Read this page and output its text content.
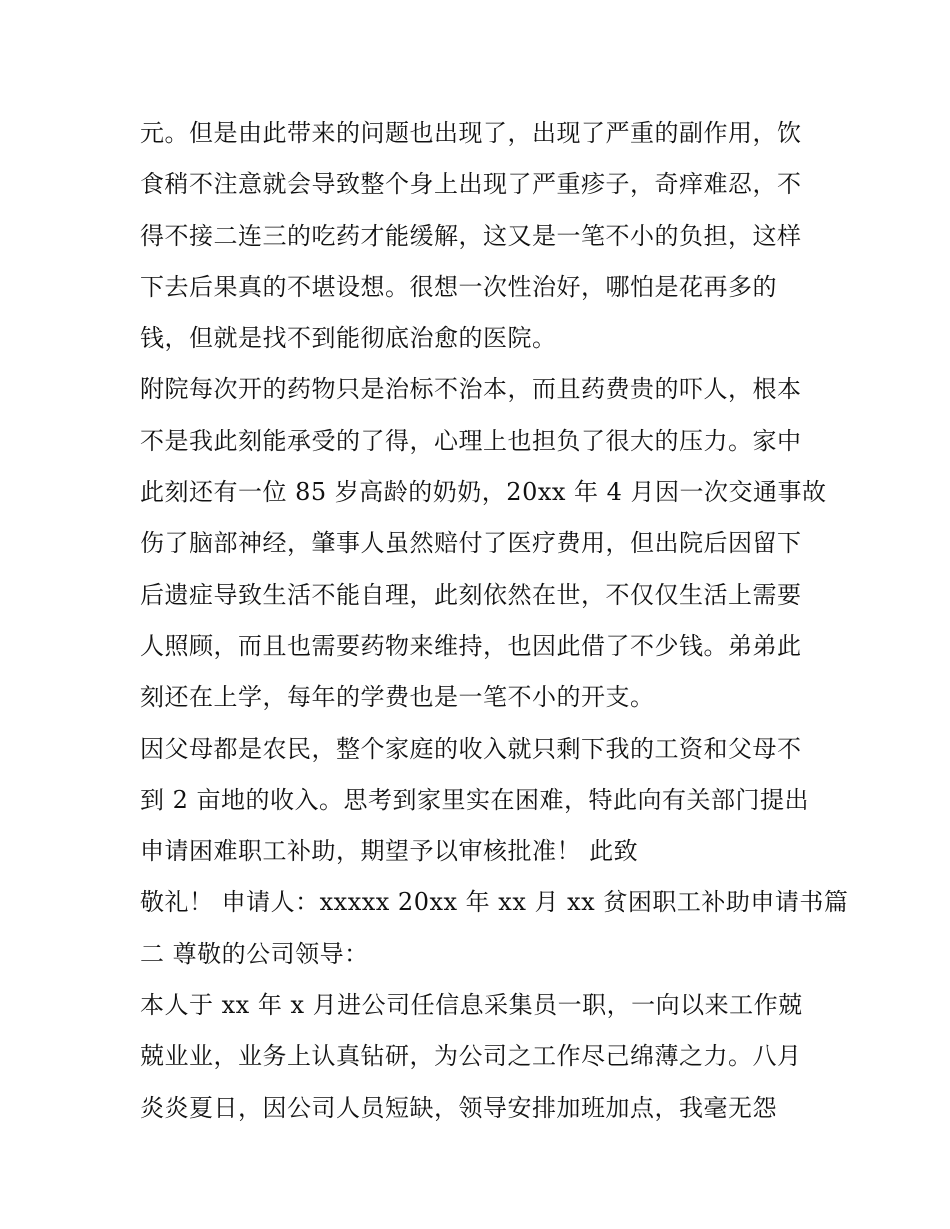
元。但是由此带来的问题也出现了，出现了严重的副作用，饮
食稍不注意就会导致整个身上出现了严重疹子，奇痒难忍，不
得不接二连三的吃药才能缓解，这又是一笔不小的负担，这样
下去后果真的不堪设想。很想一次性治好，哪怕是花再多的
钱，但就是找不到能彻底治愈的医院。
附院每次开的药物只是治标不治本，而且药费贵的吓人，根本
不是我此刻能承受的了得，心理上也担负了很大的压力。家中
此刻还有一位 85 岁高龄的奶奶，20xx 年 4 月因一次交通事故
伤了脑部神经，肇事人虽然赔付了医疗费用，但出院后因留下
后遗症导致生活不能自理，此刻依然在世，不仅仅生活上需要
人照顾，而且也需要药物来维持，也因此借了不少钱。弟弟此
刻还在上学，每年的学费也是一笔不小的开支。
因父母都是农民，整个家庭的收入就只剩下我的工资和父母不
到 2 亩地的收入。思考到家里实在困难，特此向有关部门提出
申请困难职工补助，期望予以审核批准！ 此致
敬礼！ 申请人：xxxxx 20xx 年 xx 月 xx 贫困职工补助申请书篇
二 尊敬的公司领导：
本人于 xx 年 x 月进公司任信息采集员一职，一向以来工作兢
兢业业，业务上认真钻研，为公司之工作尽己绵薄之力。八月
炎炎夏日，因公司人员短缺，领导安排加班加点，我毫无怨
